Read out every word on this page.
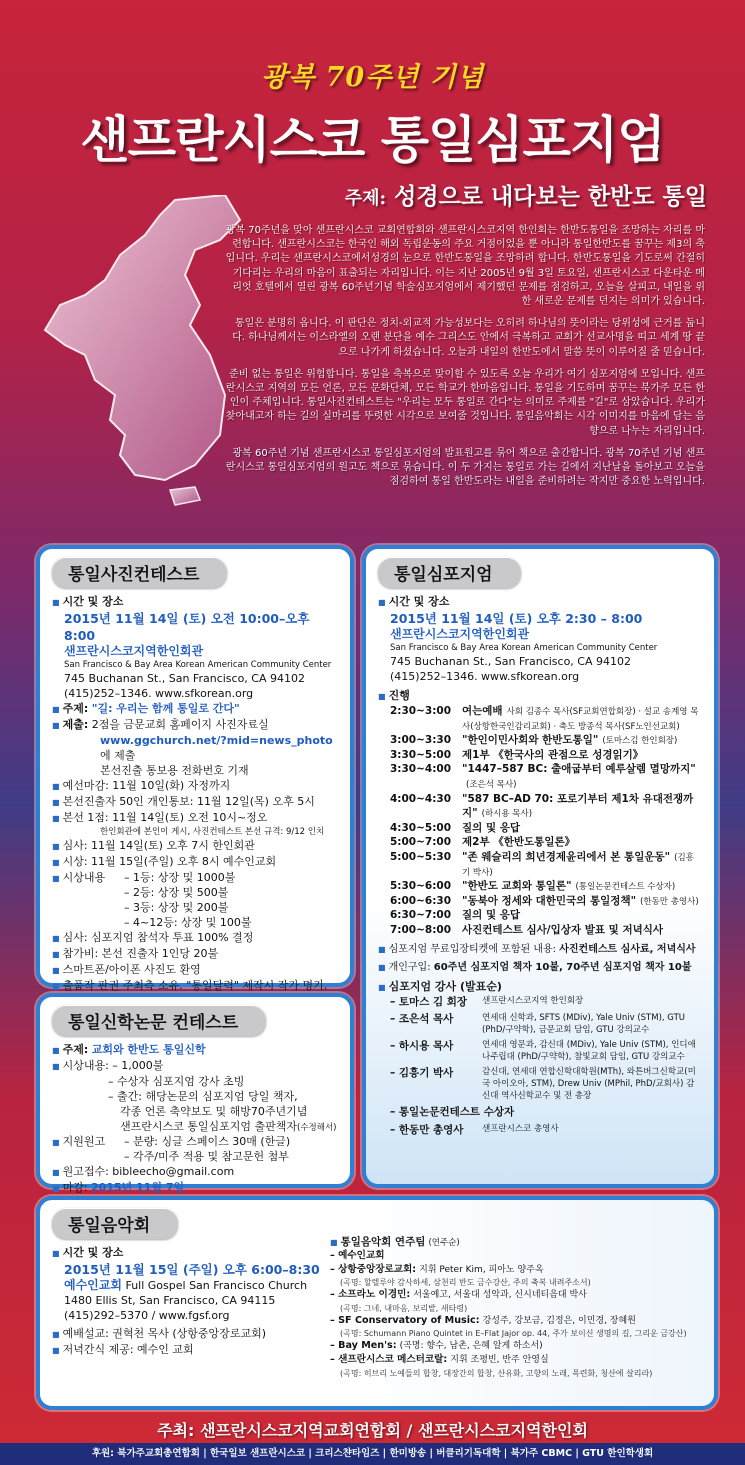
광복 70주년 기념
샌프란시스코 통일심포지엄
주제: 성경으로 내다보는 한반도 통일

광복 70주년을 맞아 샌프란시스코 교회연합회와 샌프란시스코지역 한인회는 한반도통일을 조망하는 자리를 마련합니다. 샌프란시스코는 한국인 해외 독립운동의 주요 거점이었을 뿐 아니라 통일한반도를 꿈꾸는 제3의 축입니다. 우리는 샌프란시스코에서성경의 눈으로 한반도통일을 조망하려 합니다. 한반도통일을 기도로써 간절히 기다리는 우리의 마음이 표출되는 자리입니다. 이는 지난 2005년 9월 3일 토요일, 샌프란시스코 다운타운 메리엇 호텔에서 열린 광복 60주년기념 학술심포지엄에서 제기했던 문제를 점검하고, 오늘을 살피고, 내일을 위한 새로운 문제를 던지는 의미가 있습니다.

통일은 분명히 옵니다. 이 판단은 정치-외교적 가능성보다는 오히려 하나님의 뜻이라는 당위성에 근거를 둡니다. 하나님께서는 이스라엘의 오랜 분단을 예수 그리스도 안에서 극복하고 교회가 선교사명을 띠고 세계 땅 끝으로 나가게 하셨습니다. 오늘과 내일의 한반도에서 말씀 뜻이 이루어질 줄 믿습니다.

준비 없는 통일은 위험합니다. 통일을 축복으로 맞이할 수 있도록 오늘 우리가 여기 심포지엄에 모입니다. 샌프란시스코 지역의 모든 언론, 모든 문화단체, 모든 학교가 한마음입니다. 통일을 기도하며 꿈꾸는 북가주 모든 한인이 주체입니다. 통일사진컨테스트는 "우리는 모두 통일로 간다"는 의미로 주제를 "길"로 삼았습니다. 우리가 찾아내고자 하는 길의 실마리를 뚜렷한 시각으로 보여줄 것입니다. 통일음악회는 시각 이미지를 마음에 담는 음향으로 나누는 자리입니다.

광복 60주년 기념 샌프란시스코 통일심포지엄의 발표원고를 묶어 책으로 출간합니다. 광복 70주년 기념 샌프란시스코 통일심포지엄의 원고도 책으로 묶습니다. 이 두 가지는 통일로 가는 길에서 지난날을 돌아보고 오늘을 점검하여 통일 한반도라는 내일을 준비하려는 작지만 중요한 노력입니다.

통일사진컨테스트
■ 시간 및 장소
2015년 11월 14일 (토) 오전 10:00–오후 8:00
샌프란시스코지역한인회관
San Francisco & Bay Area Korean American Community Center
745 Buchanan St., San Francisco, CA 94102
(415)252–1346. www.sfkorean.org
■ 주제: "길: 우리는 함께 통일로 간다"
■ 제출: 2점을 금문교회 홈페이지 사진자료실
www.ggchurch.net/?mid=news_photo에 제출
본선진출 통보용 전화번호 기재
■ 예선마감: 11월 10일(화) 자정까지
■ 본선진출자 50인 개인통보: 11월 12일(목) 오후 5시
■ 본선 1점: 11월 14일(토) 오전 10시~정오
한인회관에 본인이 게시, 사진컨테스트 본선 규격: 9/12 인치
■ 심사: 11월 14일(토) 오후 7시 한인회관
■ 시상: 11월 15일(주일) 오후 8시 예수인교회
■ 시상내용	– 1등: 상장 및 1000불
– 2등: 상장 및 500불
– 3등: 상장 및 200불
– 4~12등: 상장 및 100불
■ 심사: 심포지엄 참석자 투표 100% 결정
■ 참가비: 본선 진출자 1인당 20불
■ 스마트폰/아이폰 사진도 환영
■ 출품작 판권 주최측 소유. "통일달력" 제작시 작가 명기.
통일신학논문 컨테스트
■ 주제: 교회와 한반도 통일신학
■ 시상내용: – 1,000불
– 수상자 심포지엄 강사 초빙
– 출간: 해당논문의 심포지엄 당일 책자,
각종 언론 축약보도 및 해방70주년기념
샌프란시스코 통일심포지엄 출판책자(수정해서)
■ 지원원고	– 분량: 싱글 스페이스 30매 (한글)
– 각주/미주 적용 및 참고문헌 첨부
■ 원고접수: bibleecho@gmail.com
■ 마감: 2015년 11월 7일
■
통일심포지엄
■ 시간 및 장소
2015년 11월 14일 (토) 오후 2:30 – 8:00
샌프란시스코지역한인회관
San Francisco & Bay Area Korean American Community Center
745 Buchanan St., San Francisco, CA 94102
(415)252–1346. www.sfkorean.org
■ 진행
2:30~3:00	여는예배 사회 김종수 목사(SF교회연합회장) · 설교 송계영 목사(상항한국인감리교회) · 축도 방종석 목사(SF노인선교회)
3:00~3:30	"한인이민사회와 한반도통일" (토마스김 한인회장)
3:30~5:00	제1부 《한국사의 관점으로 성경읽기》
3:30~4:00	"1447–587 BC: 출애굽부터 예루살렘 멸망까지"(조은석 목사)
4:00~4:30	"587 BC–AD 70: 포로기부터 제1차 유대전쟁까지" (하시용 목사)
4:30~5:00	질의 및 응답
5:00~7:00	제2부 《한반도통일론》
5:00~5:30	"존 웨슬리의 희년경제윤리에서 본 통일운동" (김흥기 박사)
5:30~6:00	"한반도 교회와 통일론" (통일논문컨테스트 수상자)
6:00~6:30	"동북아 정세와 대한민국의 통일정책" (한동만 총영사)
6:30~7:00	질의 및 응답
7:00~8:00	사진컨테스트 심사/입상자 발표 및 저녁식사
■ 심포지엄 무료입장티켓에 포함된 내용: 사진컨테스트 심사료, 저녁식사
■ 개인구입: 60주년 심포지엄 책자 10불, 70주년 심포지엄 책자 10불
■ 심포지엄 강사 (발표순)
– 토마스 김 회장	샌프란시스코지역 한인회장
– 조은석 목사	연세대 신학과, SFTS (MDiv), Yale Univ (STM), GTU (PhD/구약학), 금문교회 담임, GTU 강의교수
– 하시용 목사	연세대 영문과, 감신대 (MDiv), Yale Univ (STM), 인디애나주립대 (PhD/구약학), 참빛교회 담임, GTU 강의교수
– 김흥기 박사	감신대, 연세대 연합신학대학원(MTh), 와튼버그신학교(미국 아이오아, STM), Drew Univ (MPhil, PhD/교회사) 감신대 역사신학교수 및 전 총장
– 통일논문컨테스트 수상자
– 한동만 총영사	샌프란시스코 총영사
통일음악회
■ 시간 및 장소
2015년 11월 15일 (주일) 오후 6:00–8:30
예수인교회 Full Gospel San Francisco Church
1480 Ellis St, San Francisco, CA 94115
(415)292–5370 / www.fgsf.org
■ 예배설교: 권혁천 목사 (상항중앙장로교회)
■ 저녁간식 제공: 예수인 교회
■ 통일음악회 연주팀 (연주순)
– 예수인교회
– 상항중앙장로교회: 지휘 Peter Kim, 피아노 양주옥
(곡명: 할렐루야 감사하세, 삼천리 반도 금수강산, 주의 축복 내려주소서)
– 소프라노 이경민: 서울예고, 서울대 성악과, 신시네티음대 박사
(곡명: 그네, 내마음, 보리밭, 새타령)
– SF Conservatory of Music: 강성주, 강보금, 김정은, 이민경, 장혜원
(곡명: Schumann Piano Quintet in E–Flat Jajor op. 44, 주가 보이신 생명의 길, 그리운 금강산)
– Bay Men's: (곡명: 향수, 남촌, 은혜 알게 하소서)
– 샌프란시스코 메스터코랄: 지휘 조평빈, 반주 안영실
(곡명: 히브리 노예들의 합창, 대장간의 합창, 산유화, 고향의 노래, 목련화, 청산에 살리라)
주최: 샌프란시스코지역교회연합회 / 샌프란시스코지역한인회
후원: 북가주교회총연합회 | 한국일보 샌프란시스코 | 크리스챤타임즈 | 한미방송 | 버클리기독대학 | 북가주 CBMC | GTU 한인학생회
